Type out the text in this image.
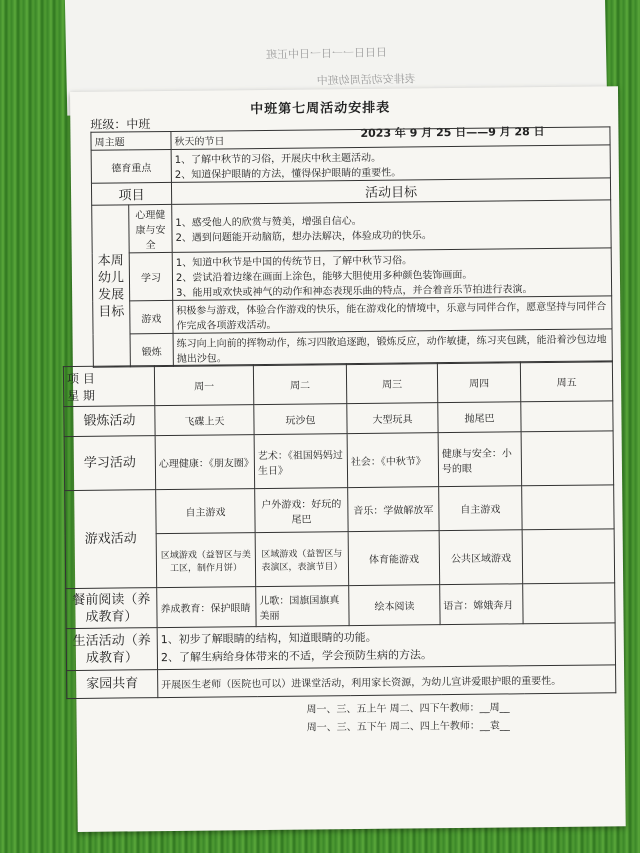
日日日一一日一日中正班
表排安动活周幼班中
中班第七周活动安排表
班级：中班
2023 年 9 月 25 日——9 月 28 日
周主题		秋天的节日
德育重点		1、了解中秋节的习俗，开展庆中秋主题活动。
2、知道保护眼睛的方法，懂得保护眼睛的重要性。

项目		活动目标
本周幼儿发展目标	心理健康与安全	1、感受他人的欣赏与赞美，增强自信心。
2、遇到问题能开动脑筋，想办法解决，体验成功的快乐。
	学习	1、知道中秋节是中国的传统节日，了解中秋节习俗。
2、尝试沿着边缘在画面上涂色，能够大胆使用多种颜色装饰画面。
3、能用或欢快或神气的动作和神态表现乐曲的特点，并合着音乐节拍进行表演。
	游戏	积极参与游戏，体验合作游戏的快乐，能在游戏化的情境中，乐意与同伴合作，愿意坚持与同伴合作完成各项游戏活动。
	锻炼	练习向上向前的挥物动作，练习四散追逐跑，锻炼反应，动作敏捷，练习夹包跳，能沿着沙包边地抛出沙包。
项 目
星 期	周一	周二	周三	周四	周五
锻炼活动	飞碟上天	玩沙包	大型玩具	抛尾巴	
学习活动	心理健康：《朋友圈》	艺术：《祖国妈妈过生日》	社会：《中秋节》	健康与安全：小号的眼	
游戏活动	自主游戏	户外游戏：好玩的尾巴	音乐：学做解放军	自主游戏	
	区域游戏（益智区与美工区，制作月饼）	区域游戏（益智区与表演区，表演节目）	体育能游戏	公共区域游戏	
餐前阅读（养成教育）	养成教育：保护眼睛	儿歌：国旗国旗真美丽	绘本阅读	语言：嫦娥奔月	
生活活动（养成教育）	1、初步了解眼睛的结构，知道眼睛的功能。
2、了解生病给身体带来的不适，学会预防生病的方法。				

家园共育	开展医生老师（医院也可以）进课堂活动，利用家长资源，为幼儿宣讲爱眼护眼的重要性。				
周一、三、五上午 周二、四下午教师：__周__
周一、三、五下午 周二、四上午教师：__袁__
